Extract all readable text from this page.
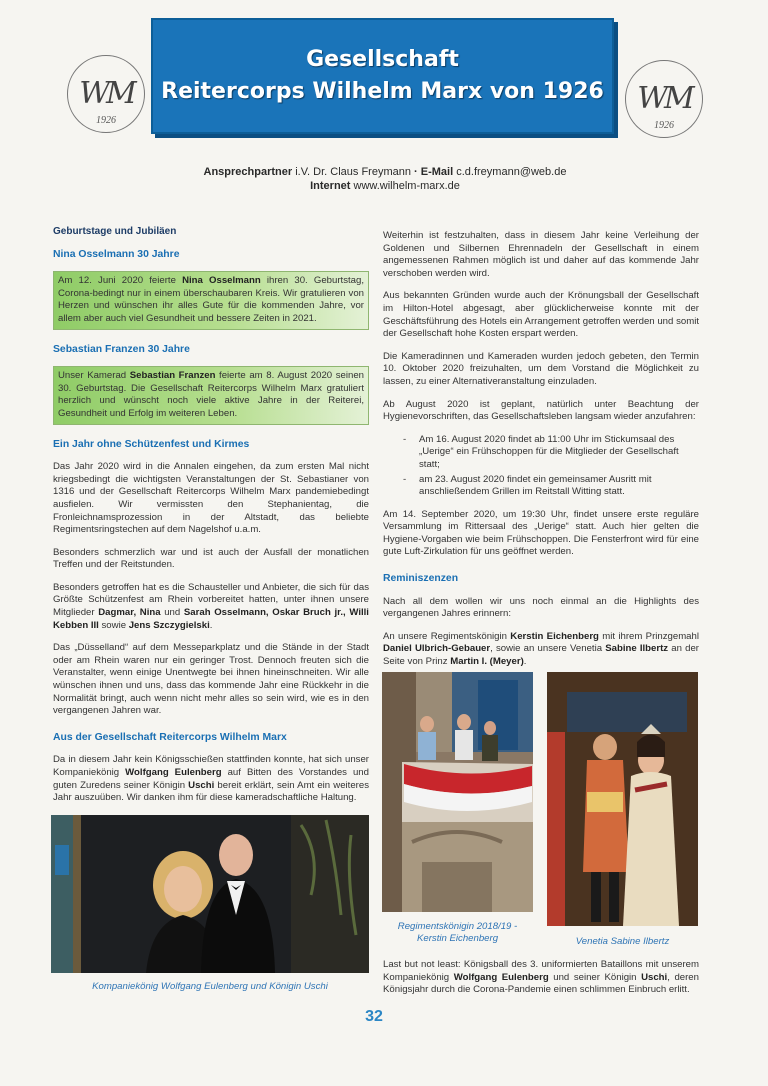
WM
1926
WM
1926
Gesellschaft
Reitercorps Wilhelm Marx von 1926
Ansprechpartner i.V. Dr. Claus Freymann · E-Mail c.d.freymann@web.de
Internet www.wilhelm-marx.de
Geburtstage und Jubiläen
Nina Osselmann 30 Jahre
Am 12. Juni 2020 feierte Nina Osselmann ihren 30. Geburtstag, Corona-bedingt nur in einem überschaubaren Kreis. Wir gratulieren von Herzen und wünschen ihr alles Gute für die kommenden Jahre, vor allem aber auch viel Gesundheit und bessere Zeiten in 2021.
Sebastian Franzen 30 Jahre
Unser Kamerad Sebastian Franzen feierte am 8. August 2020 seinen 30. Geburtstag. Die Gesellschaft Reitercorps Wilhelm Marx gratuliert herzlich und wünscht noch viele aktive Jahre in der Reiterei, Gesundheit und Erfolg im weiteren Leben.
Ein Jahr ohne Schützenfest und Kirmes

Das Jahr 2020 wird in die Annalen eingehen, da zum ersten Mal nicht kriegsbedingt die wichtigsten Veranstaltungen der St. Sebastianer von 1316 und der Gesellschaft Reitercorps Wilhelm Marx pandemiebedingt ausfielen. Wir vermissten den Stephanientag, die Fronleichnamsprozession in der Altstadt, das beliebte Regimentsringstechen auf dem Nagelshof u.a.m.

Besonders schmerzlich war und ist auch der Ausfall der monatlichen Treffen und der Reitstunden.

Besonders getroffen hat es die Schausteller und Anbieter, die sich für das Größte Schützenfest am Rhein vorbereitet hatten, unter ihnen unsere Mitglieder Dagmar, Nina und Sarah Osselmann, Oskar Bruch jr., Willi Kebben III sowie Jens Szczygielski.

Das „Düsselland“ auf dem Messeparkplatz und die Stände in der Stadt oder am Rhein waren nur ein geringer Trost. Dennoch freuten sich die Veranstalter, wenn einige Unentwegte bei ihnen hineinschneiten. Wir alle wünschen ihnen und uns, dass das kommende Jahr eine Rückkehr in die Normalität bringt, auch wenn nicht mehr alles so sein wird, wie es in den vergangenen Jahren war.

Aus der Gesellschaft Reitercorps Wilhelm Marx

Da in diesem Jahr kein Königsschießen stattfinden konnte, hat sich unser Kompaniekönig Wolfgang Eulenberg auf Bitten des Vorstandes und guten Zuredens seiner Königin Uschi bereit erklärt, sein Amt ein weiteres Jahr auszuüben. Wir danken ihm für diese kameradschaftliche Haltung.

Kompaniekönig Wolfgang Eulenberg und Königin Uschi

Weiterhin ist festzuhalten, dass in diesem Jahr keine Verleihung der Goldenen und Silbernen Ehrennadeln der Gesellschaft in einem angemessenen Rahmen möglich ist und daher auf das kommende Jahr verschoben werden wird.

Aus bekannten Gründen wurde auch der Krönungsball der Gesellschaft im Hilton-Hotel abgesagt, aber glücklicherweise konnte mit der Geschäftsführung des Hotels ein Arrangement getroffen werden und somit der Gesellschaft hohe Kosten erspart werden.

Die Kameradinnen und Kameraden wurden jedoch gebeten, den Termin 10. Oktober 2020 freizuhalten, um dem Vorstand die Möglichkeit zu lassen, zu einer Alternativeranstaltung einzuladen.

Ab August 2020 ist geplant, natürlich unter Beachtung der Hygienevorschriften, das Gesellschaftsleben langsam wieder anzufahren:

- Am 16. August 2020 findet ab 11:00 Uhr im Stickumsaal des „Uerige“ ein Frühschoppen für die Mitglieder der Gesellschaft statt;
- am 23. August 2020 findet ein gemeinsamer Ausritt mit anschließendem Grillen im Reitstall Witting statt.

Am 14. September 2020, um 19:30 Uhr, findet unsere erste reguläre Versammlung im Rittersaal des „Uerige“ statt. Auch hier gelten die Hygiene-Vorgaben wie beim Frühschoppen. Die Fensterfront wird für eine gute Luft-Zirkulation für uns geöffnet werden.

Reminiszenzen

Nach all dem wollen wir uns noch einmal an die Highlights des vergangenen Jahres erinnern:

An unsere Regimentskönigin Kerstin Eichenberg mit ihrem Prinzgemahl Daniel Ulbrich-Gebauer, sowie an unsere Venetia Sabine Ilbertz an der Seite von Prinz Martin I. (Meyer).

Regimentskönigin 2018/19 -
Kerstin Eichenberg	Venetia Sabine Ilbertz

Last but not least: Königsball des 3. uniformierten Bataillons mit unserem Kompaniekönig Wolfgang Eulenberg und seiner Königin Uschi, deren Königsjahr durch die Corona-Pandemie einen schlimmen Einbruch erlitt.

32
